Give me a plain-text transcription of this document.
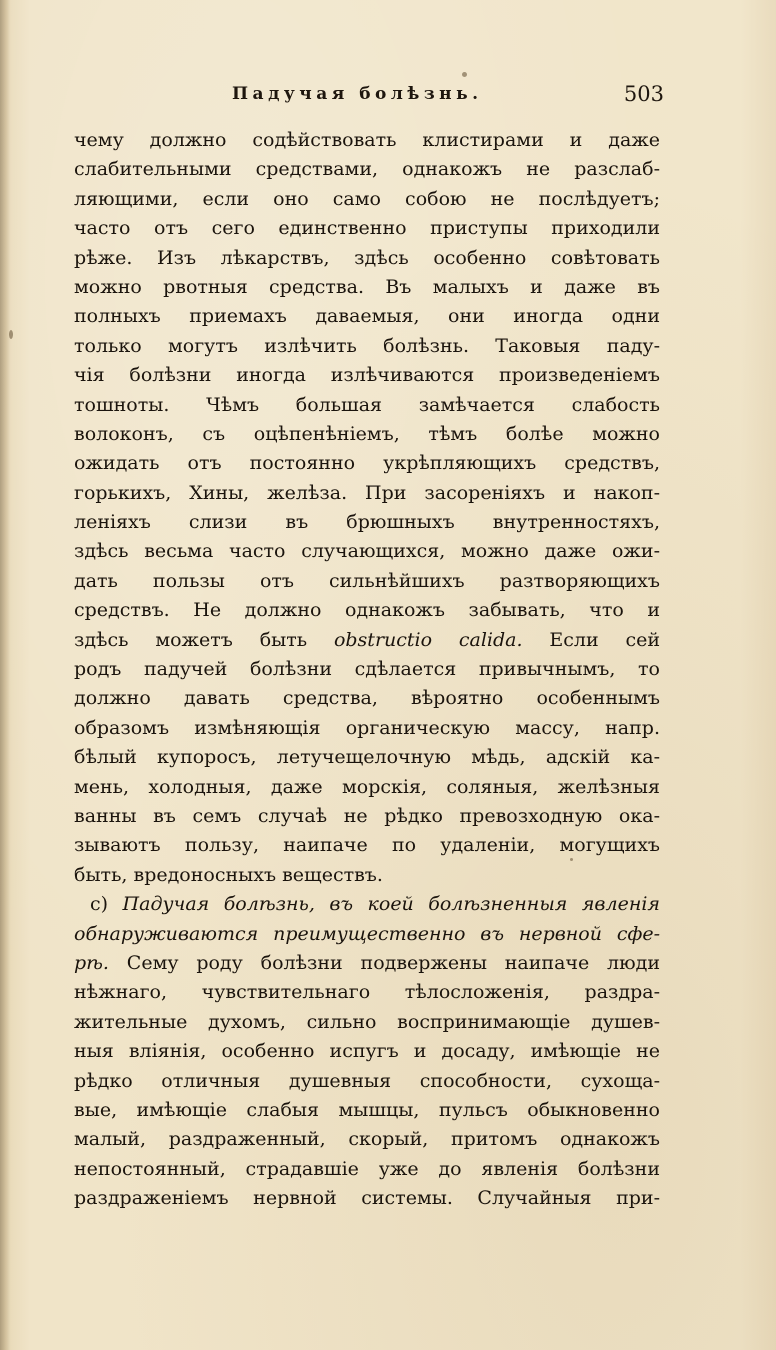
Падучая болѣзнь.	503
чему должно содѣйствовать клистирами и даже
слабительными средствами, однакожъ не разслаб-
ляющими, если оно само собою не послѣдуетъ;
часто отъ сего единственно приступы приходили
рѣже. Изъ лѣкарствъ, здѣсь особенно совѣтовать
можно рвотныя средства. Въ малыхъ и даже въ
полныхъ приемахъ даваемыя, они иногда одни
только могутъ излѣчить болѣзнь. Таковыя паду-
чія болѣзни иногда излѣчиваются произведеніемъ
тошноты. Чѣмъ большая замѣчается слабость
волоконъ, съ оцѣпенѣніемъ, тѣмъ болѣе можно
ожидать отъ постоянно укрѣпляющихъ средствъ,
горькихъ, Хины, желѣза. При засореніяхъ и накоп-
леніяхъ слизи въ брюшныхъ внутренностяхъ,
здѣсь весьма часто случающихся, можно даже ожи-
дать пользы отъ сильнѣйшихъ разтворяющихъ
средствъ. Не должно однакожъ забывать, что и
здѣсь можетъ быть obstructio calida. Если сей
родъ падучей болѣзни сдѣлается привычнымъ, то
должно давать средства, вѣроятно особеннымъ
образомъ измѣняющія органическую массу, напр.
бѣлый купоросъ, летучещелочную мѣдь, адскій ка-
мень, холодныя, даже морскія, соляныя, желѣзныя
ванны въ семъ случаѣ не рѣдко превозходную ока-
зываютъ пользу, наипаче по удаленіи, могущихъ
быть, вредоносныхъ веществъ.
c) Падучая болѣзнь, въ коей болѣзненныя явленія
обнаруживаются преимущественно въ нервной сфе-
рѣ. Сему роду болѣзни подвержены наипаче люди
нѣжнаго, чувствительнаго тѣлосложенія, раздра-
жительные духомъ, сильно воспринимающіе душев-
ныя вліянія, особенно испугъ и досаду, имѣющіе не
рѣдко отличныя душевныя способности, сухоща-
вые, имѣющіе слабыя мышцы, пульсъ обыкновенно
малый, раздраженный, скорый, притомъ однакожъ
непостоянный, страдавшіе уже до явленія болѣзни
раздраженіемъ нервной системы. Случайныя при-
